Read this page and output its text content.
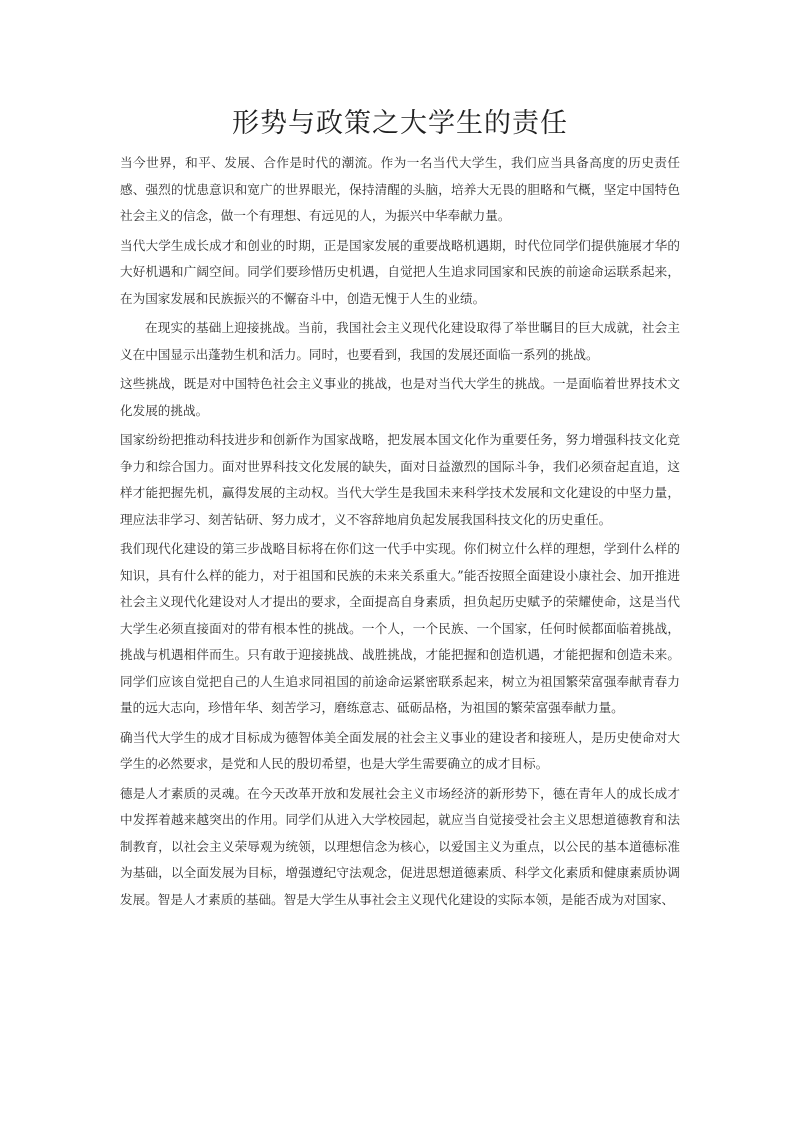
形势与政策之大学生的责任

当今世界，和平、发展、合作是时代的潮流。作为一名当代大学生，我们应当具备高度的历史责任感、强烈的忧患意识和宽广的世界眼光，保持清醒的头脑，培养大无畏的胆略和气概，坚定中国特色社会主义的信念，做一个有理想、有远见的人，为振兴中华奉献力量。

当代大学生成长成才和创业的时期，正是国家发展的重要战略机遇期，时代位同学们提供施展才华的大好机遇和广阔空间。同学们要珍惜历史机遇，自觉把人生追求同国家和民族的前途命运联系起来，在为国家发展和民族振兴的不懈奋斗中，创造无愧于人生的业绩。

在现实的基础上迎接挑战。当前，我国社会主义现代化建设取得了举世瞩目的巨大成就，社会主义在中国显示出蓬勃生机和活力。同时，也要看到，我国的发展还面临一系列的挑战。

这些挑战，既是对中国特色社会主义事业的挑战，也是对当代大学生的挑战。一是面临着世界技术文化发展的挑战。

国家纷纷把推动科技进步和创新作为国家战略，把发展本国文化作为重要任务，努力增强科技文化竞争力和综合国力。面对世界科技文化发展的缺失，面对日益激烈的国际斗争，我们必须奋起直追，这样才能把握先机，赢得发展的主动权。当代大学生是我国未来科学技术发展和文化建设的中坚力量，理应法非学习、刻苦钻研、努力成才，义不容辞地肩负起发展我国科技文化的历史重任。

我们现代化建设的第三步战略目标将在你们这一代手中实现。你们树立什么样的理想，学到什么样的知识，具有什么样的能力，对于祖国和民族的未来关系重大。”能否按照全面建设小康社会、加开推进社会主义现代化建设对人才提出的要求，全面提高自身素质，担负起历史赋予的荣耀使命，这是当代大学生必须直接面对的带有根本性的挑战。一个人，一个民族、一个国家，任何时候都面临着挑战，挑战与机遇相伴而生。只有敢于迎接挑战、战胜挑战，才能把握和创造机遇，才能把握和创造未来。同学们应该自觉把自己的人生追求同祖国的前途命运紧密联系起来，树立为祖国繁荣富强奉献青春力量的远大志向，珍惜年华、刻苦学习，磨练意志、砥砺品格，为祖国的繁荣富强奉献力量。

确当代大学生的成才目标成为德智体美全面发展的社会主义事业的建设者和接班人，是历史使命对大学生的必然要求，是党和人民的殷切希望，也是大学生需要确立的成才目标。

德是人才素质的灵魂。在今天改革开放和发展社会主义市场经济的新形势下，德在青年人的成长成才中发挥着越来越突出的作用。同学们从进入大学校园起，就应当自觉接受社会主义思想道德教育和法制教育，以社会主义荣辱观为统领，以理想信念为核心，以爱国主义为重点，以公民的基本道德标准为基础，以全面发展为目标，增强遵纪守法观念，促进思想道德素质、科学文化素质和健康素质协调发展。智是人才素质的基础。智是大学生从事社会主义现代化建设的实际本领，是能否成为对国家、
